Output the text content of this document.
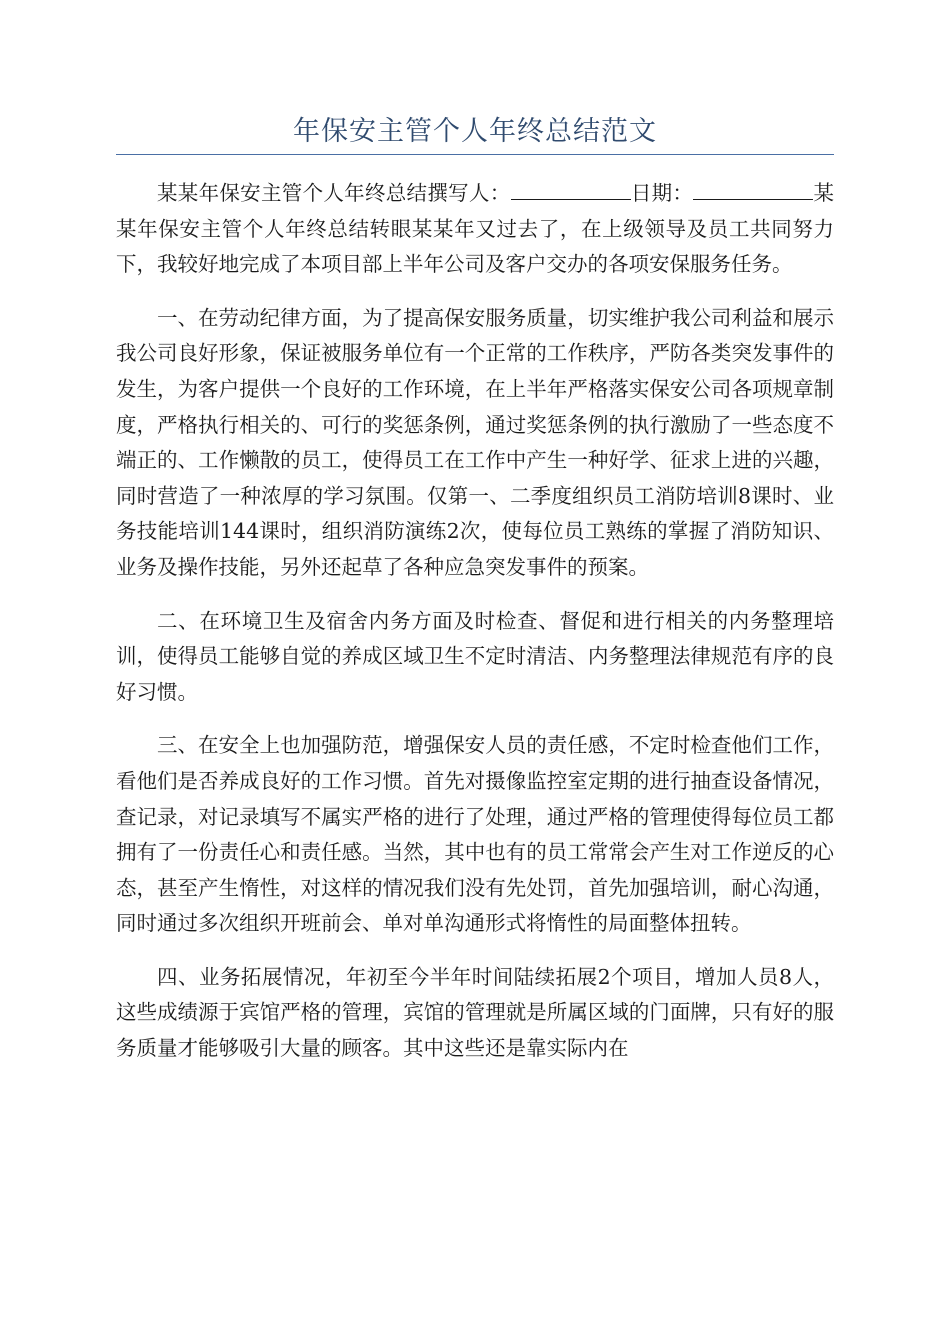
年保安主管个人年终总结范文

某某年保安主管个人年终总结撰写人：	日期：	某某年保安主管个人年终总结转眼某某年又过去了，在上级领导及员工共同努力下，我较好地完成了本项目部上半年公司及客户交办的各项安保服务任务。

一、在劳动纪律方面，为了提高保安服务质量，切实维护我公司利益和展示我公司良好形象，保证被服务单位有一个正常的工作秩序，严防各类突发事件的发生，为客户提供一个良好的工作环境，在上半年严格落实保安公司各项规章制度，严格执行相关的、可行的奖惩条例，通过奖惩条例的执行激励了一些态度不端正的、工作懒散的员工，使得员工在工作中产生一种好学、征求上进的兴趣，同时营造了一种浓厚的学习氛围。仅第一、二季度组织员工消防培训8课时、业务技能培训144课时，组织消防演练2次，使每位员工熟练的掌握了消防知识、业务及操作技能，另外还起草了各种应急突发事件的预案。

二、在环境卫生及宿舍内务方面及时检查、督促和进行相关的内务整理培训，使得员工能够自觉的养成区域卫生不定时清洁、内务整理法律规范有序的良好习惯。

三、在安全上也加强防范，增强保安人员的责任感，不定时检查他们工作，看他们是否养成良好的工作习惯。首先对摄像监控室定期的进行抽查设备情况，查记录，对记录填写不属实严格的进行了处理，通过严格的管理使得每位员工都拥有了一份责任心和责任感。当然，其中也有的员工常常会产生对工作逆反的心态，甚至产生惰性，对这样的情况我们没有先处罚，首先加强培训，耐心沟通，同时通过多次组织开班前会、单对单沟通形式将惰性的局面整体扭转。

四、业务拓展情况，年初至今半年时间陆续拓展2个项目，增加人员8人，这些成绩源于宾馆严格的管理，宾馆的管理就是所属区域的门面牌，只有好的服务质量才能够吸引大量的顾客。其中这些还是靠实际内在
